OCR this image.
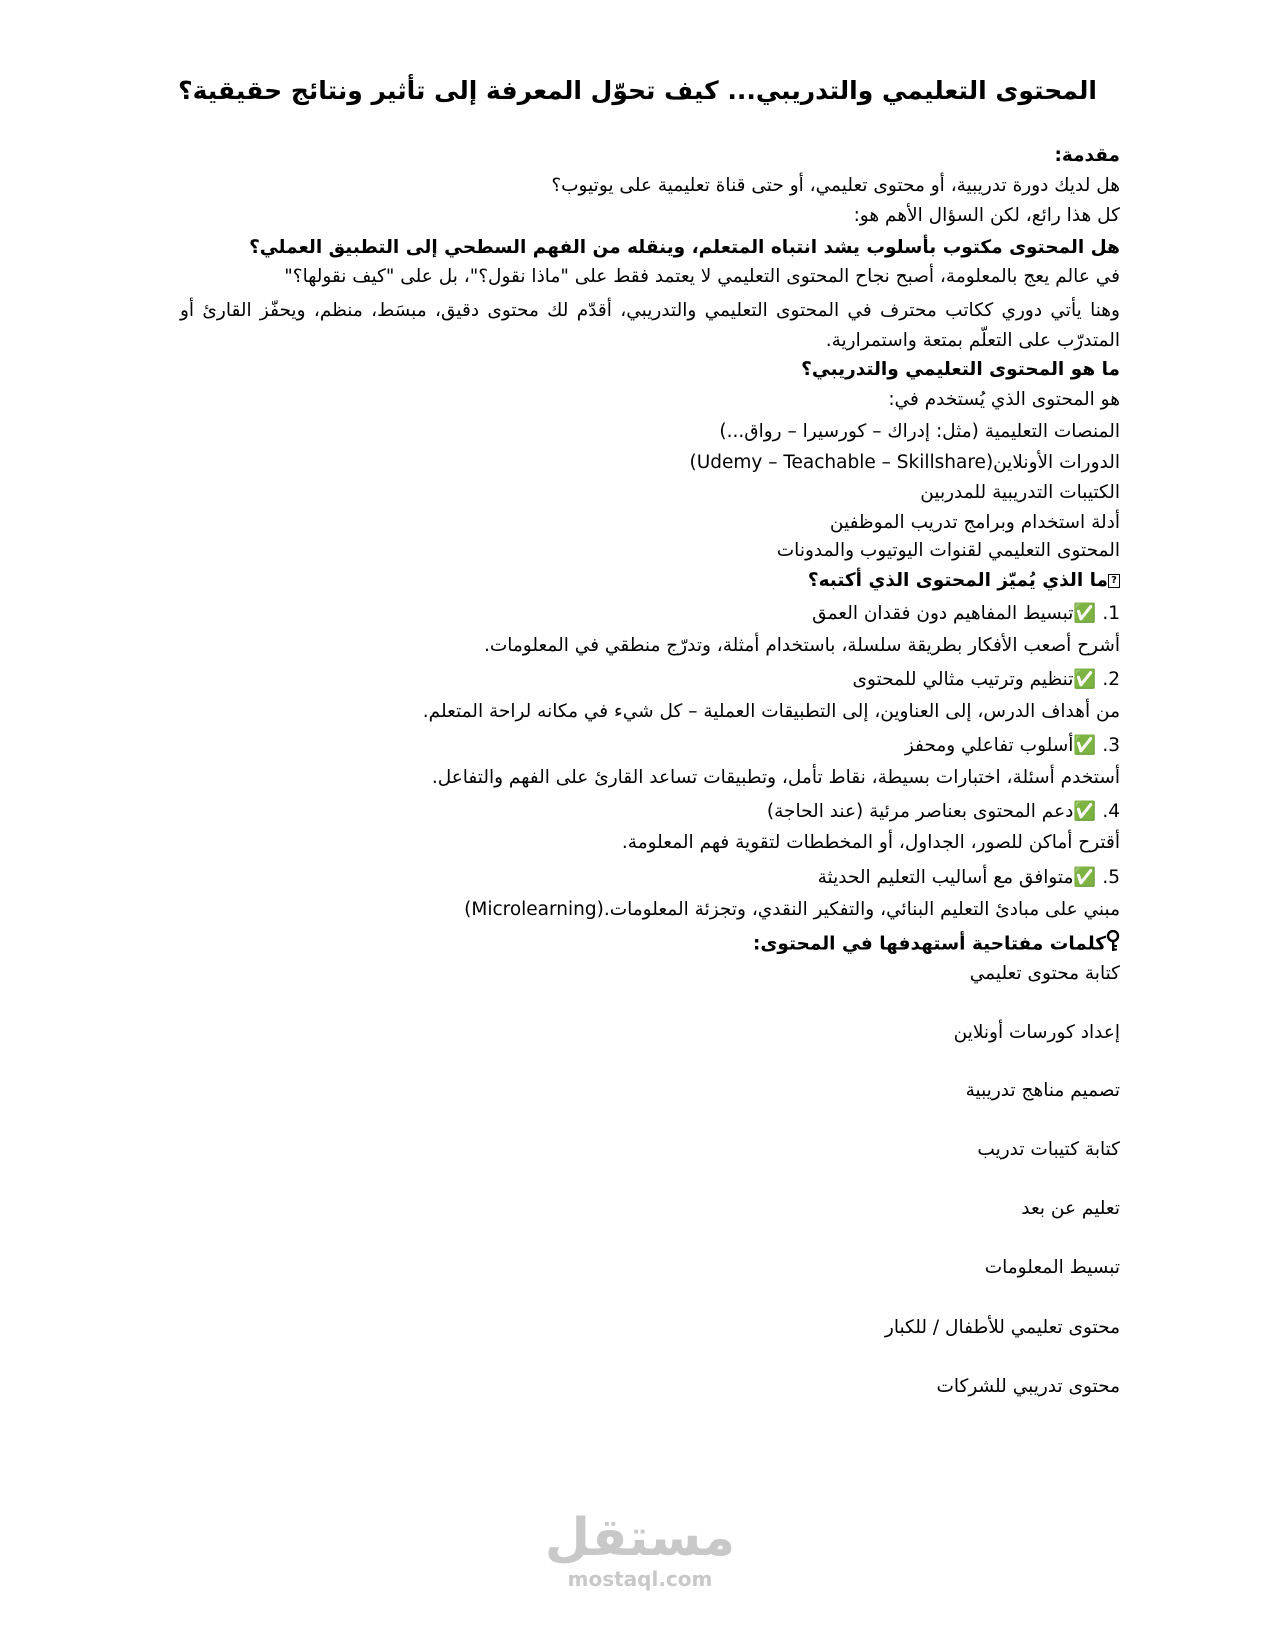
المحتوى التعليمي والتدريبي... كيف تحوّل المعرفة إلى تأثير ونتائج حقيقية؟
مقدمة:
هل لديك دورة تدريبية، أو محتوى تعليمي، أو حتى قناة تعليمية على يوتيوب؟
كل هذا رائع، لكن السؤال الأهم هو:
هل المحتوى مكتوب بأسلوب يشد انتباه المتعلم، وينقله من الفهم السطحي إلى التطبيق العملي؟
في عالم يعج بالمعلومة، أصبح نجاح المحتوى التعليمي لا يعتمد فقط على "ماذا نقول؟"، بل على "كيف نقولها؟"
وهنا يأتي دوري ككاتب محترف في المحتوى التعليمي والتدريبي، أقدّم لك محتوى دقيق، مبسَط، منظم، ويحفّز القارئ أو المتدرّب على التعلّم بمتعة واستمرارية.
ما هو المحتوى التعليمي والتدريبي؟
هو المحتوى الذي يُستخدم في:
المنصات التعليمية (مثل: إدراك – كورسيرا – رواق...)
الدورات الأونلاين(Udemy – Teachable – Skillshare)
الكتيبات التدريبية للمدربين
أدلة استخدام وبرامج تدريب الموظفين
المحتوى التعليمي لقنوات اليوتيوب والمدونات
?ما الذي يُميّز المحتوى الذي أكتبه؟
1. ✅تبسيط المفاهيم دون فقدان العمق
أشرح أصعب الأفكار بطريقة سلسلة، باستخدام أمثلة، وتدرّج منطقي في المعلومات.
2. ✅تنظيم وترتيب مثالي للمحتوى
من أهداف الدرس، إلى العناوين، إلى التطبيقات العملية – كل شيء في مكانه لراحة المتعلم.
3. ✅أسلوب تفاعلي ومحفز
أستخدم أسئلة، اختبارات بسيطة، نقاط تأمل، وتطبيقات تساعد القارئ على الفهم والتفاعل.
4. ✅دعم المحتوى بعناصر مرئية (عند الحاجة)
أقترح أماكن للصور، الجداول، أو المخططات لتقوية فهم المعلومة.
5. ✅متوافق مع أساليب التعليم الحديثة
مبني على مبادئ التعليم البنائي، والتفكير النقدي، وتجزئة المعلومات.(Microlearning)
كلمات مفتاحية أستهدفها في المحتوى:
كتابة محتوى تعليمي
إعداد كورسات أونلاين
تصميم مناهج تدريبية
كتابة كتيبات تدريب
تعليم عن بعد
تبسيط المعلومات
محتوى تعليمي للأطفال / للكبار
محتوى تدريبي للشركات
مستقل
mostaql.com
